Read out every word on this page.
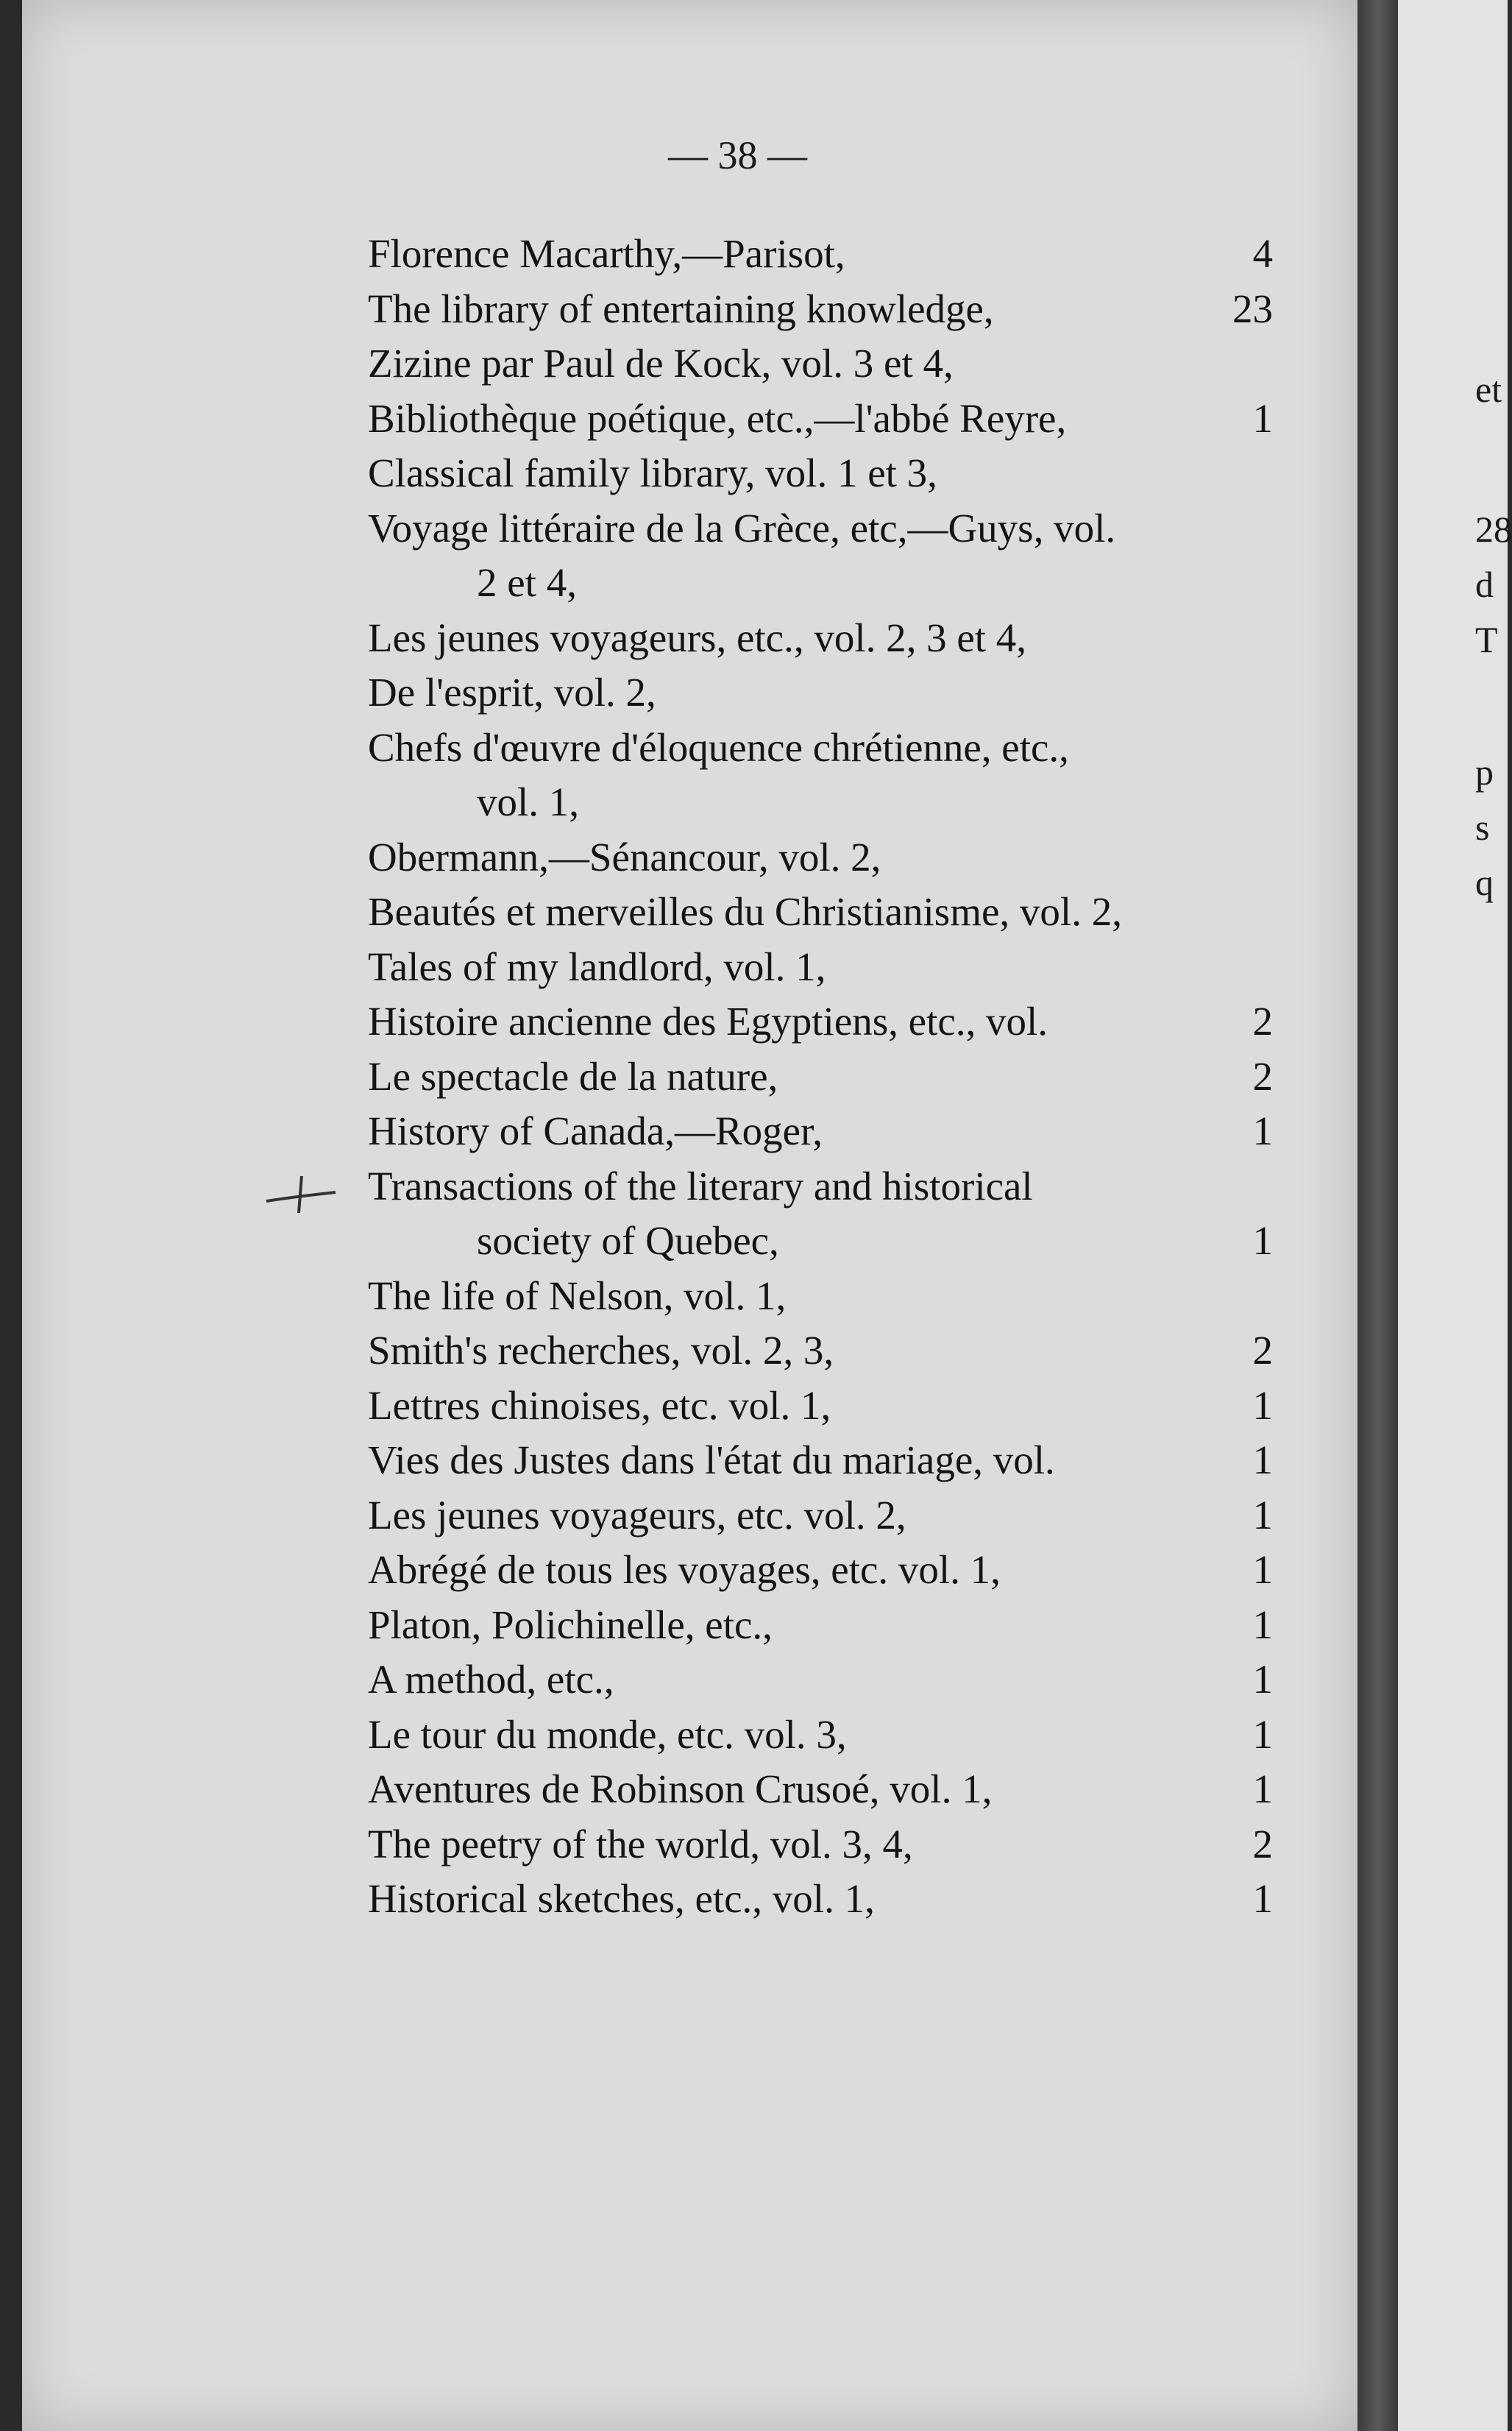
— 38 —
Florence Macarthy,—Parisot,	4
The library of entertaining knowledge,	23
Zizine par Paul de Kock, vol. 3 et 4,
Bibliothèque poétique, etc.,—l'abbé Reyre,	1
Classical family library, vol. 1 et 3,
Voyage littéraire de la Grèce, etc,—Guys, vol.
2 et 4,
Les jeunes voyageurs, etc., vol. 2, 3 et 4,
De l'esprit, vol. 2,
Chefs d'œuvre d'éloquence chrétienne, etc.,
vol. 1,
Obermann,—Sénancour, vol. 2,
Beautés et merveilles du Christianisme, vol. 2,
Tales of my landlord, vol. 1,
Histoire ancienne des Egyptiens, etc., vol.	2
Le spectacle de la nature,	2
History of Canada,—Roger,	1
Transactions of the literary and historical
society of Quebec,	1
The life of Nelson, vol. 1,
Smith's recherches, vol. 2, 3,	2
Lettres chinoises, etc. vol. 1,	1
Vies des Justes dans l'état du mariage, vol.	1
Les jeunes voyageurs, etc. vol. 2,	1
Abrégé de tous les voyages, etc. vol. 1,	1
Platon, Polichinelle, etc.,	1
A method, etc.,	1
Le tour du monde, etc. vol. 3,	1
Aventures de Robinson Crusoé, vol. 1,	1
The peetry of the world, vol. 3, 4,	2
Historical sketches, etc., vol. 1,	1
et
28
d
T
p
s
q
